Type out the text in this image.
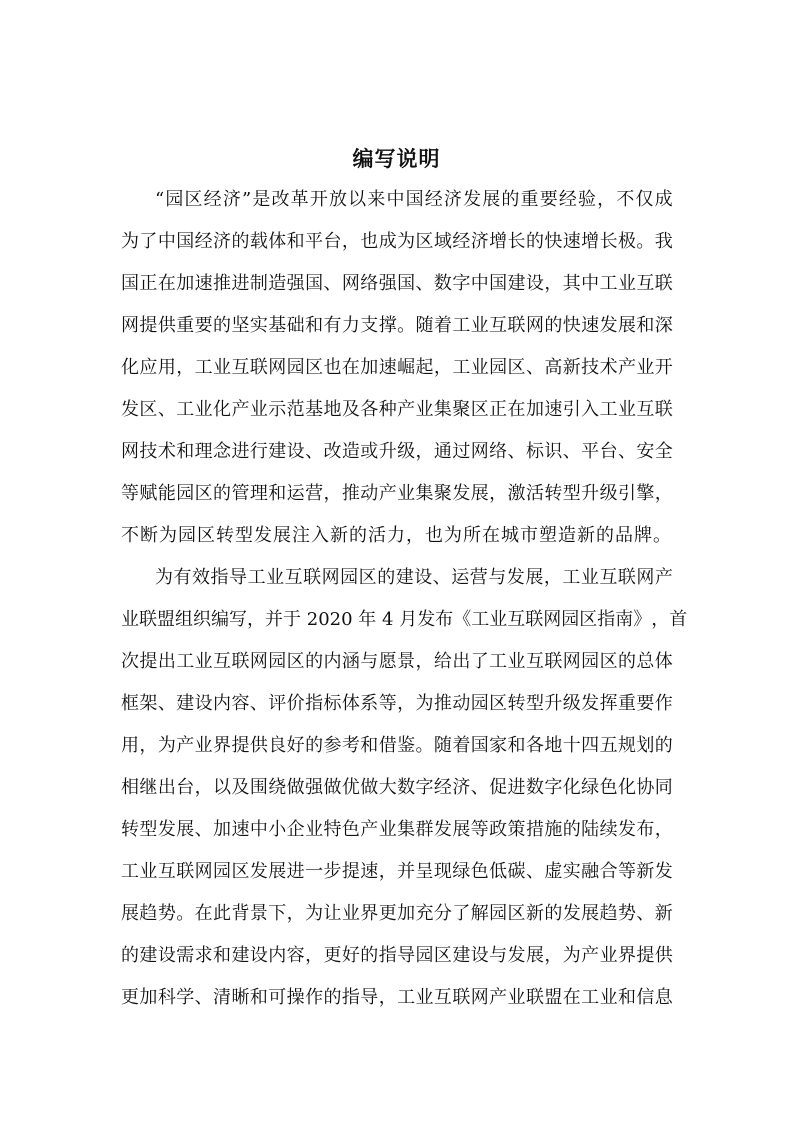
编写说明
“ 园 区 经 济 ” 是 改 革 开 放 以 来 中 国 经 济 发 展 的 重 要 经 验 ， 不 仅 成
为 了 中 国 经 济 的 载 体 和 平 台 ， 也 成 为 区 域 经 济 增 长 的 快 速 增 长 极 。 我
国 正 在 加 速 推 进 制 造 强 国 、 网 络 强 国 、 数 字 中 国 建 设 ， 其 中 工 业 互 联
网 提 供 重 要 的 坚 实 基 础 和 有 力 支 撑 。 随 着 工 业 互 联 网 的 快 速 发 展 和 深
化 应 用 ， 工 业 互 联 网 园 区 也 在 加 速 崛 起 ， 工 业 园 区 、 高 新 技 术 产 业 开
发 区 、 工 业 化 产 业 示 范 基 地 及 各 种 产 业 集 聚 区 正 在 加 速 引 入 工 业 互 联
网 技 术 和 理 念 进 行 建 设 、 改 造 或 升 级 ， 通 过 网 络 、 标 识 、 平 台 、 安 全
等 赋 能 园 区 的 管 理 和 运 营 ， 推 动 产 业 集 聚 发 展 ， 激 活 转 型 升 级 引 擎 ，
不断为园区转型发展注入新的活力，也为所在城市塑造新的品牌。
为 有 效 指 导 工 业 互 联 网 园 区 的 建 设 、 运 营 与 发 展 ， 工 业 互 联 网 产
业 联 盟 组 织 编 写 ， 并 于
2 0 2 0
年
4
月 发 布 《 工 业 互 联 网 园 区 指 南 》 ， 首
次 提 出 工 业 互 联 网 园 区 的 内 涵 与 愿 景 ， 给 出 了 工 业 互 联 网 园 区 的 总 体
框 架 、 建 设 内 容 、 评 价 指 标 体 系 等 ， 为 推 动 园 区 转 型 升 级 发 挥 重 要 作
用 ， 为 产 业 界 提 供 良 好 的 参 考 和 借 鉴 。 随 着 国 家 和 各 地 十 四 五 规 划 的
相 继 出 台 ， 以 及 围 绕 做 强 做 优 做 大 数 字 经 济 、 促 进 数 字 化 绿 色 化 协 同
转 型 发 展 、 加 速 中 小 企 业 特 色 产 业 集 群 发 展 等 政 策 措 施 的 陆 续 发 布 ，
工 业 互 联 网 园 区 发 展 进 一 步 提 速 ， 并 呈 现 绿 色 低 碳 、 虚 实 融 合 等 新 发
展 趋 势 。 在 此 背 景 下 ， 为 让 业 界 更 加 充 分 了 解 园 区 新 的 发 展 趋 势 、 新
的 建 设 需 求 和 建 设 内 容 ， 更 好 的 指 导 园 区 建 设 与 发 展 ， 为 产 业 界 提 供
更 加 科 学 、 清 晰 和 可 操 作 的 指 导 ， 工 业 互 联 网 产 业 联 盟 在 工 业 和 信 息
